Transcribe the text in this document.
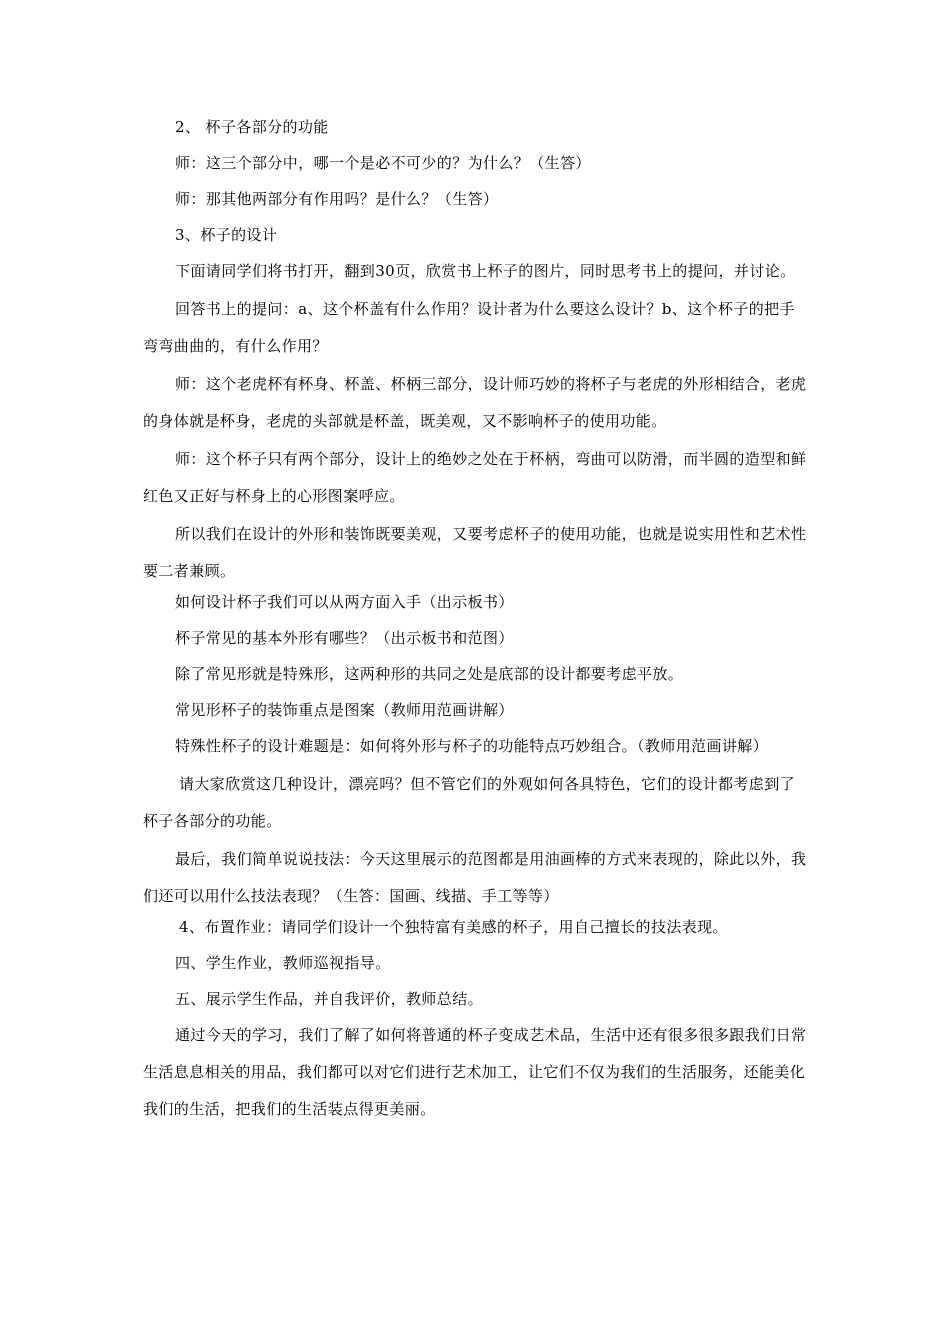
2、 杯子各部分的功能

师：这三个部分中，哪一个是必不可少的？为什么？（生答）

师：那其他两部分有作用吗？是什么？（生答）

3、杯子的设计

下面请同学们将书打开，翻到30页，欣赏书上杯子的图片，同时思考书上的提问，并讨论。

回答书上的提问：a、这个杯盖有什么作用？设计者为什么要这么设计？b、这个杯子的把手弯弯曲曲的，有什么作用？

师：这个老虎杯有杯身、杯盖、杯柄三部分，设计师巧妙的将杯子与老虎的外形相结合，老虎的身体就是杯身，老虎的头部就是杯盖，既美观，又不影响杯子的使用功能。

师：这个杯子只有两个部分，设计上的绝妙之处在于杯柄，弯曲可以防滑，而半圆的造型和鲜红色又正好与杯身上的心形图案呼应。

所以我们在设计的外形和装饰既要美观，又要考虑杯子的使用功能，也就是说实用性和艺术性要二者兼顾。

如何设计杯子我们可以从两方面入手（出示板书）

杯子常见的基本外形有哪些？（出示板书和范图）

除了常见形就是特殊形，这两种形的共同之处是底部的设计都要考虑平放。

常见形杯子的装饰重点是图案（教师用范画讲解）

特殊性杯子的设计难题是：如何将外形与杯子的功能特点巧妙组合。（教师用范画讲解）

请大家欣赏这几种设计，漂亮吗？但不管它们的外观如何各具特色，它们的设计都考虑到了杯子各部分的功能。

最后，我们简单说说技法：今天这里展示的范图都是用油画棒的方式来表现的，除此以外，我们还可以用什么技法表现？（生答：国画、线描、手工等等）

4、布置作业：请同学们设计一个独特富有美感的杯子，用自己擅长的技法表现。

四、学生作业，教师巡视指导。

五、展示学生作品，并自我评价，教师总结。

通过今天的学习，我们了解了如何将普通的杯子变成艺术品，生活中还有很多很多跟我们日常生活息息相关的用品，我们都可以对它们进行艺术加工，让它们不仅为我们的生活服务，还能美化我们的生活，把我们的生活装点得更美丽。
